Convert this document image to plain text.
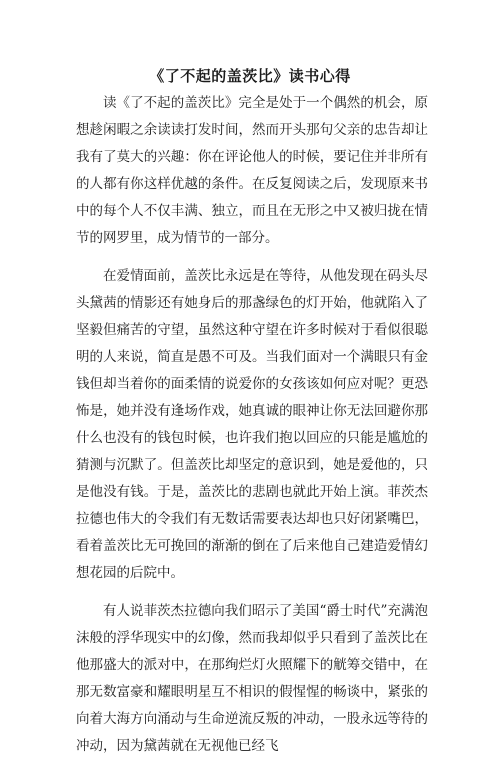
《了不起的盖茨比》读书心得

读《了不起的盖茨比》完全是处于一个偶然的机会，原想趁闲暇之余读读打发时间，然而开头那句父亲的忠告却让我有了莫大的兴趣：你在评论他人的时候，要记住并非所有的人都有你这样优越的条件。在反复阅读之后，发现原来书中的每个人不仅丰满、独立，而且在无形之中又被归拢在情节的网罗里，成为情节的一部分。

在爱情面前，盖茨比永远是在等待，从他发现在码头尽头黛茜的情影还有她身后的那盏绿色的灯开始，他就陷入了坚毅但痛苦的守望，虽然这种守望在许多时候对于看似很聪明的人来说，简直是愚不可及。当我们面对一个满眼只有金钱但却当着你的面柔情的说爱你的女孩该如何应对呢？更恐怖是，她并没有逢场作戏，她真诚的眼神让你无法回避你那什么也没有的钱包时候，也许我们抱以回应的只能是尴尬的猜测与沉默了。但盖茨比却坚定的意识到，她是爱他的，只是他没有钱。于是，盖茨比的悲剧也就此开始上演。菲茨杰拉德也伟大的令我们有无数话需要表达却也只好闭紧嘴巴，看着盖茨比无可挽回的渐渐的倒在了后来他自己建造爱情幻想花园的后院中。

有人说菲茨杰拉德向我们昭示了美国“爵士时代”充满泡沫般的浮华现实中的幻像，然而我却似乎只看到了盖茨比在他那盛大的派对中，在那绚烂灯火照耀下的觥筹交错中，在那无数富豪和耀眼明星互不相识的假惺惺的畅谈中，紧张的向着大海方向涌动与生命逆流反叛的冲动，一股永远等待的冲动，因为黛茜就在无视他已经飞
